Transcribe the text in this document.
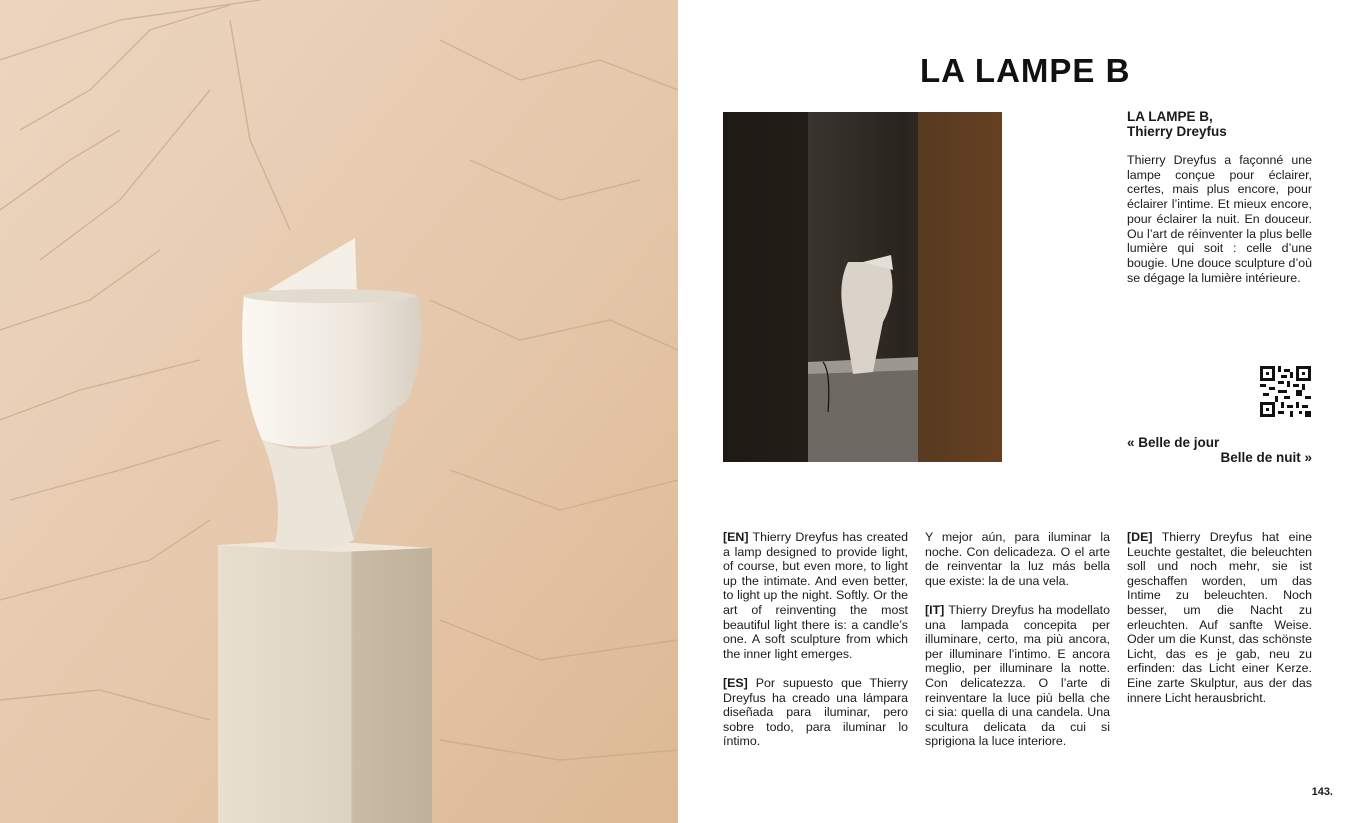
LA LAMPE B
LA LAMPE B,
Thierry Dreyfus
Thierry Dreyfus a façonné une lampe conçue pour éclairer, certes, mais plus encore, pour éclairer l’intime. Et mieux encore, pour éclairer la nuit. En douceur. Ou l’art de réinventer la plus belle lumière qui soit : celle d’une bougie. Une douce sculpture d’où se dégage la lumière intérieure.
« Belle de jour
Belle de nuit »

[EN] Thierry Dreyfus has created a lamp designed to provide light, of course, but even more, to light up the intimate. And even better, to light up the night. Softly. Or the art of reinventing the most beautiful light there is: a candle’s one. A soft sculpture from which the inner light emerges.

[ES] Por supuesto que Thierry Dreyfus ha creado una lámpara diseñada para iluminar, pero sobre todo, para iluminar lo íntimo.

Y mejor aún, para iluminar la noche. Con delicadeza. O el arte de reinventar la luz más bella que existe: la de una vela.

[IT] Thierry Dreyfus ha modellato una lampada concepita per illuminare, certo, ma più ancora, per illuminare l’intimo. E ancora meglio, per illuminare la notte. Con delicatezza. O l’arte di reinventare la luce più bella che ci sia: quella di una candela. Una scultura delicata da cui si sprigiona la luce interiore.

[DE] Thierry Dreyfus hat eine Leuchte gestaltet, die beleuchten soll und noch mehr, sie ist geschaffen worden, um das Intime zu beleuchten. Noch besser, um die Nacht zu erleuchten. Auf sanfte Weise. Oder um die Kunst, das schönste Licht, das es je gab, neu zu erfinden: das Licht einer Kerze. Eine zarte Skulptur, aus der das innere Licht herausbricht.

143.
